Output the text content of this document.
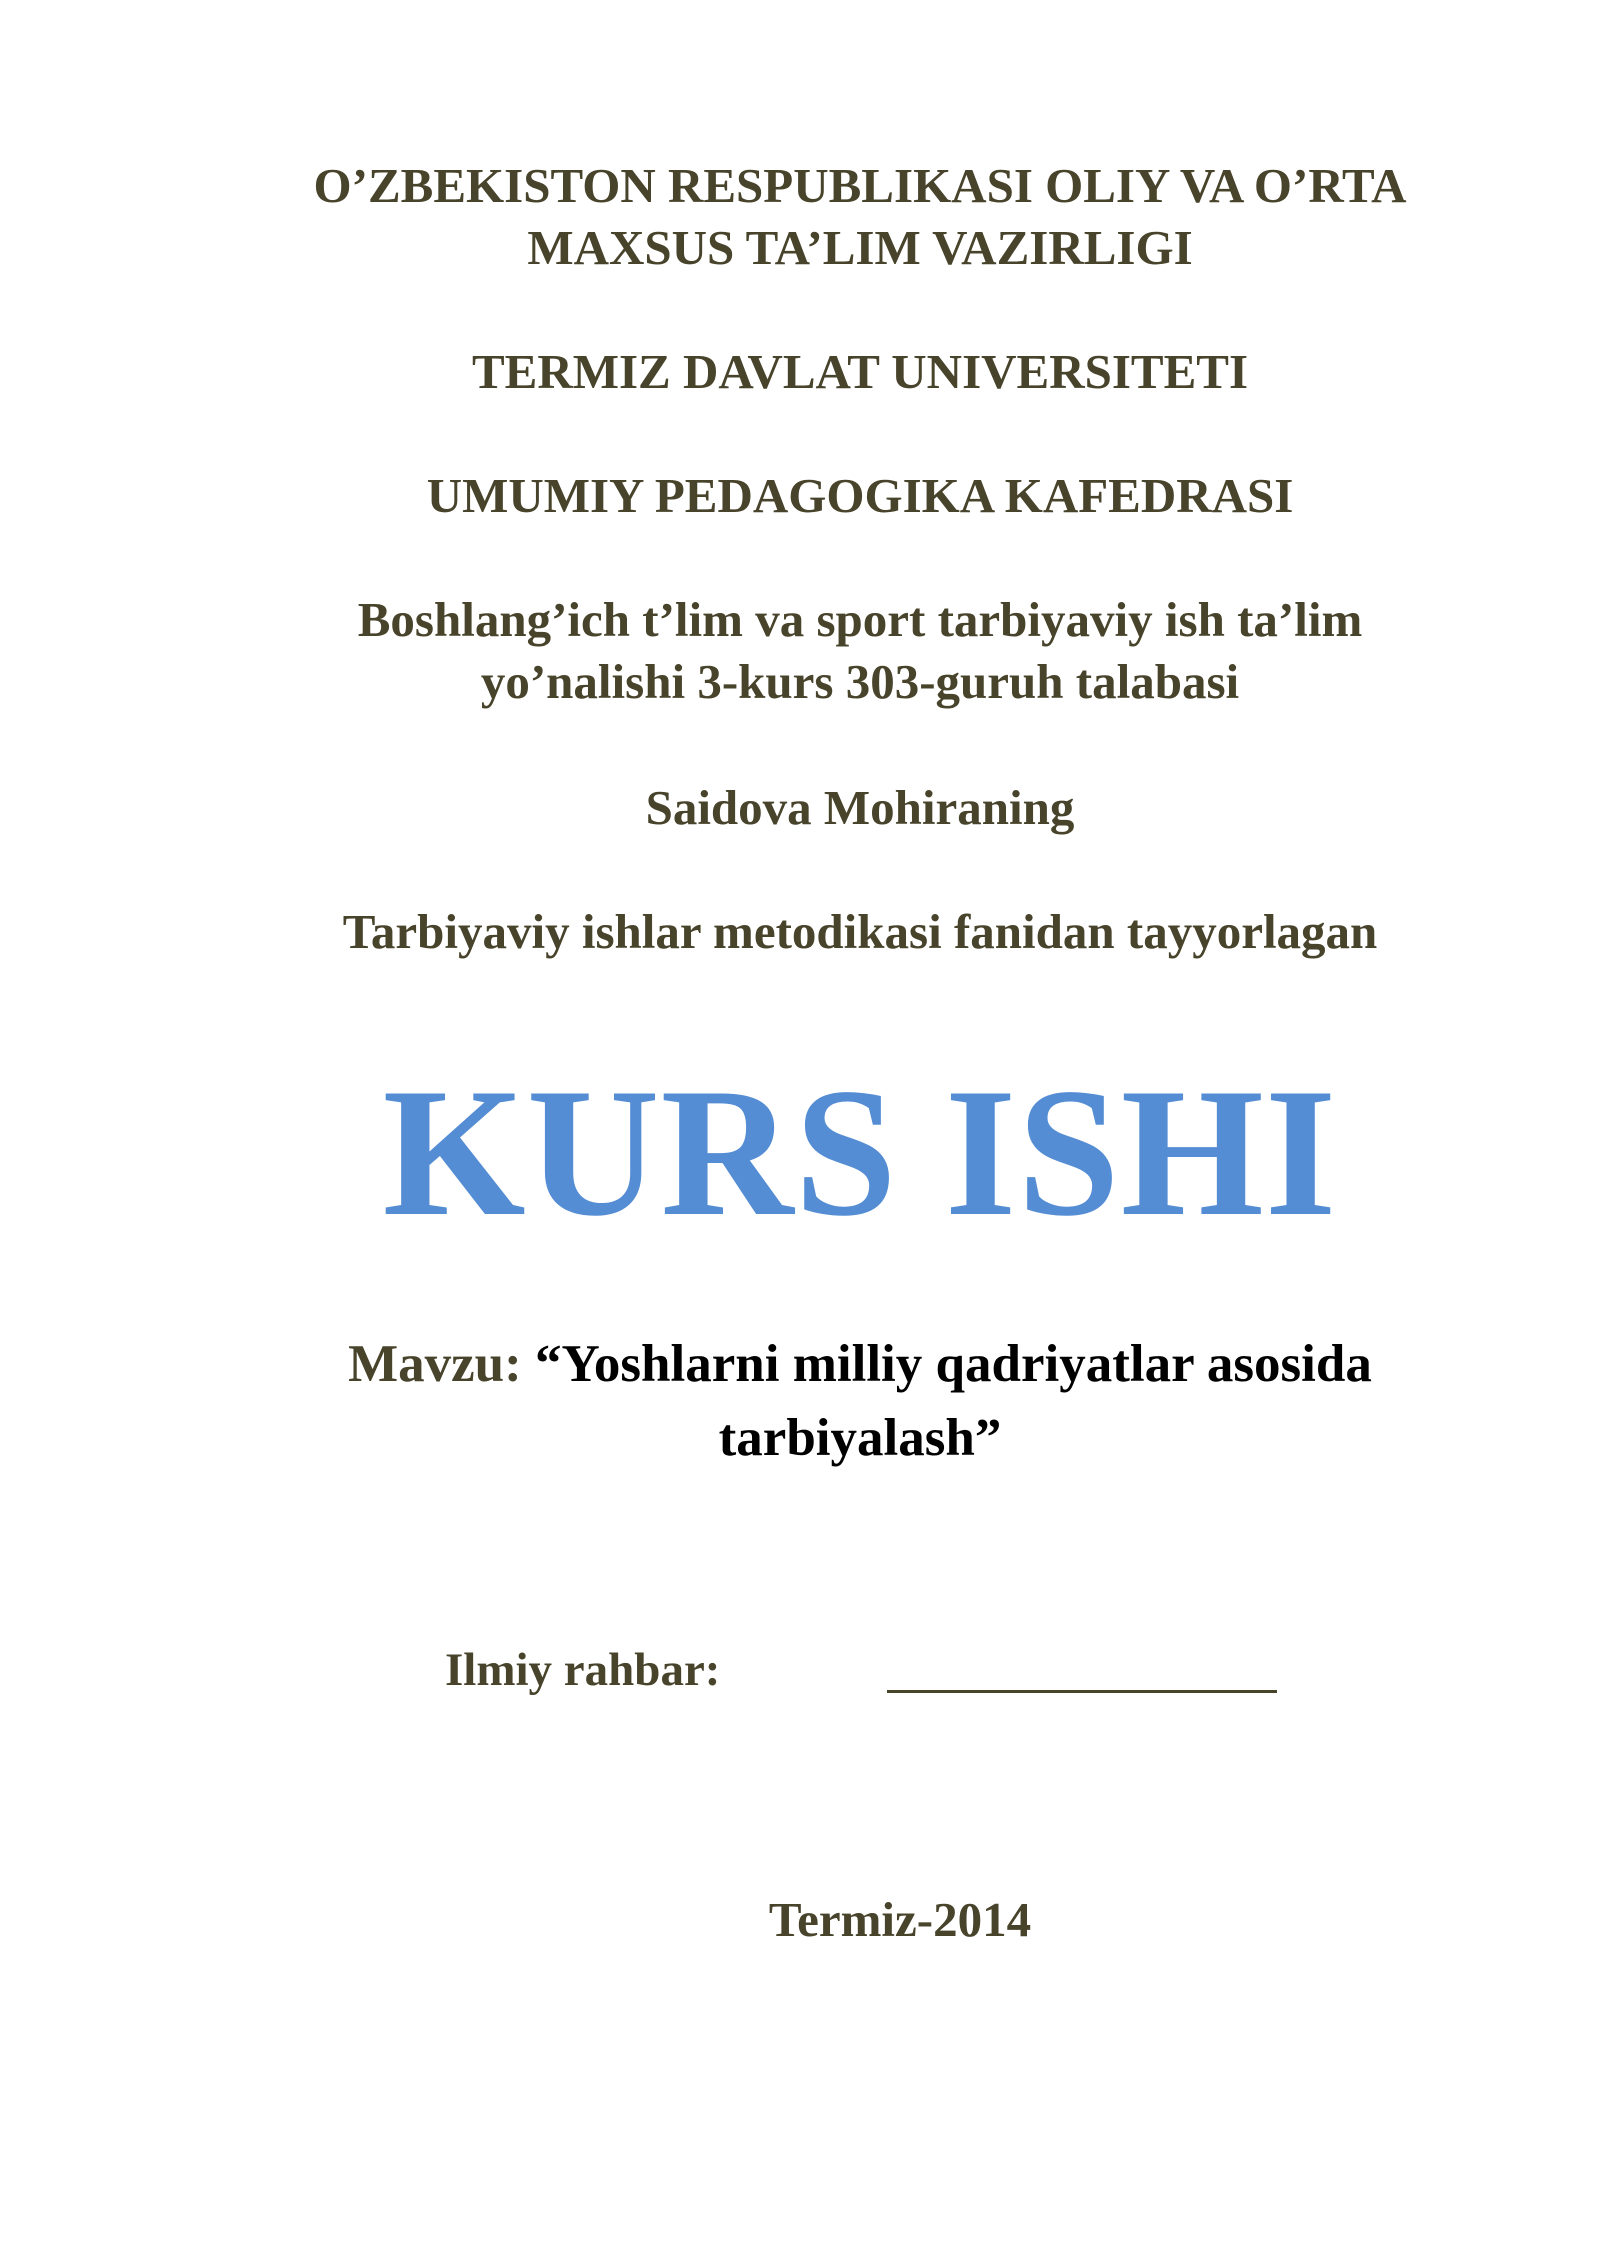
O’ZBEKISTON RESPUBLIKASI OLIY VA O’RTA
MAXSUS TA’LIM VAZIRLIGI
TERMIZ DAVLAT UNIVERSITETI
UMUMIY PEDAGOGIKA KAFEDRASI
Boshlang’ich t’lim va sport tarbiyaviy ish ta’lim
yo’nalishi 3-kurs 303-guruh talabasi
Saidova Mohiraning
Tarbiyaviy ishlar metodikasi fanidan tayyorlagan
KURS ISHI
Mavzu: “Yoshlarni milliy qadriyatlar asosida
tarbiyalash”
Ilmiy rahbar:
Termiz-2014
